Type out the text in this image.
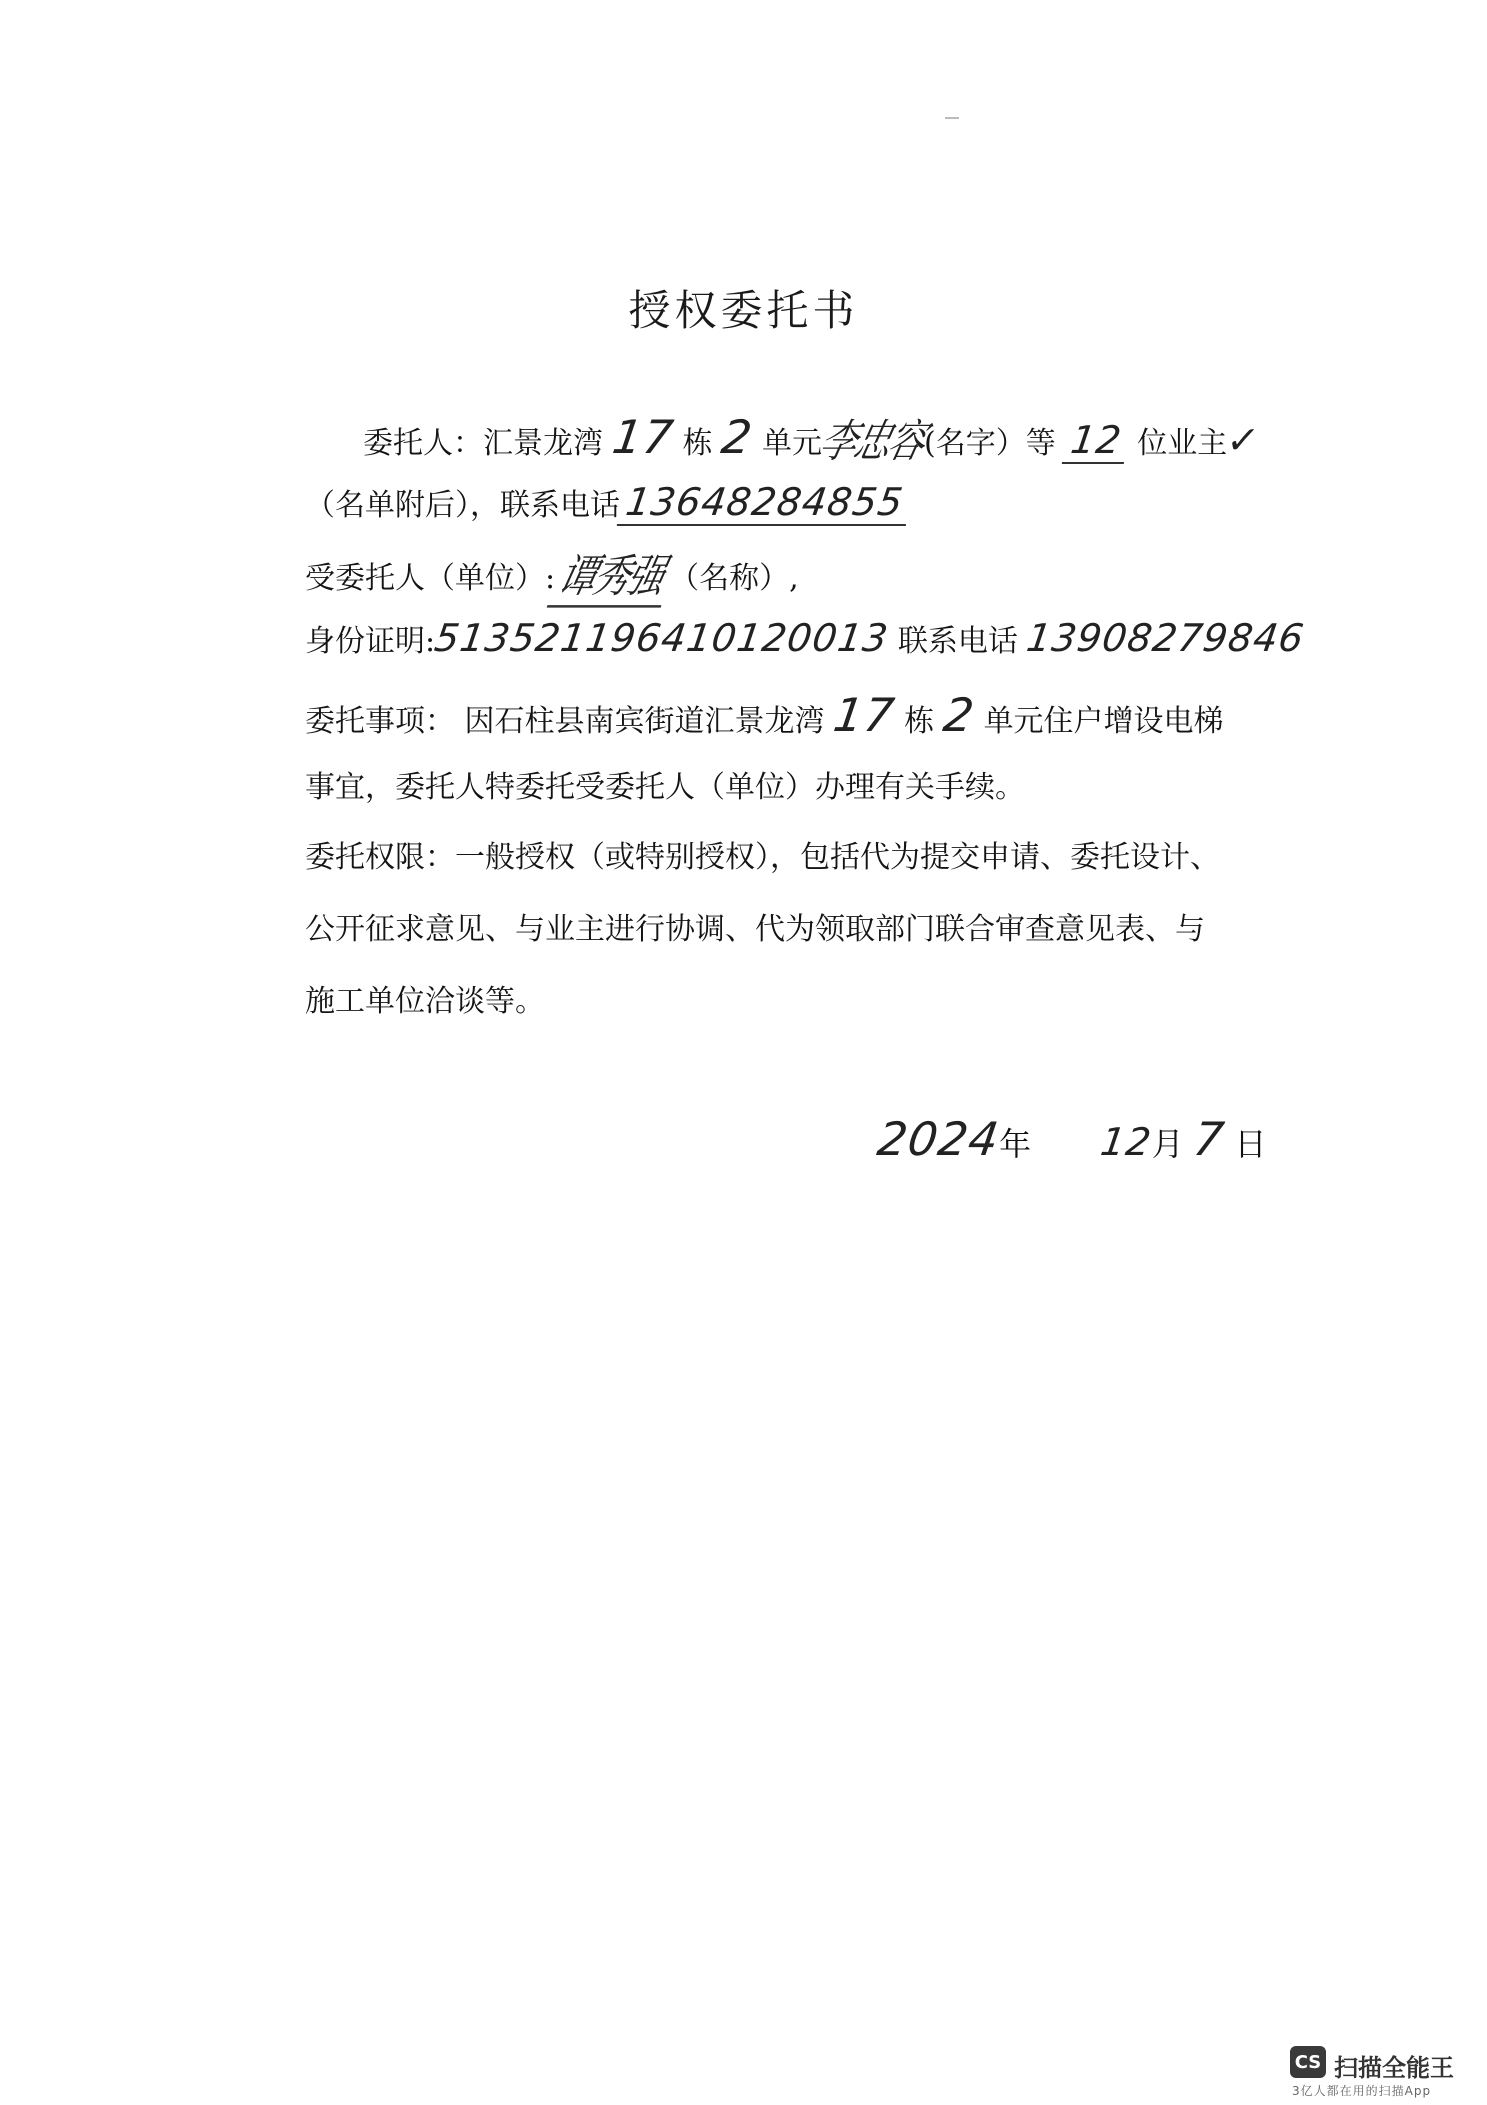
授权委托书
委托人：汇景龙湾 17 栋 2 单元李忠容(名字）等 12 位业主✓
（名单附后），联系电话13648284855
受委托人（单位）:谭秀强（名称）,
身份证明:513521196410120013 联系电话 13908279846
委托事项： 因石柱县南宾街道汇景龙湾 17 栋 2 单元住户增设电梯
事宜，委托人特委托受委托人（单位）办理有关手续。
委托权限：一般授权（或特别授权），包括代为提交申请、委托设计、
公开征求意见、与业主进行协调、代为领取部门联合审查意见表、与
施工单位洽谈等。
2024年 12月 7 日
CS 扫描全能王
3亿人都在用的扫描App
